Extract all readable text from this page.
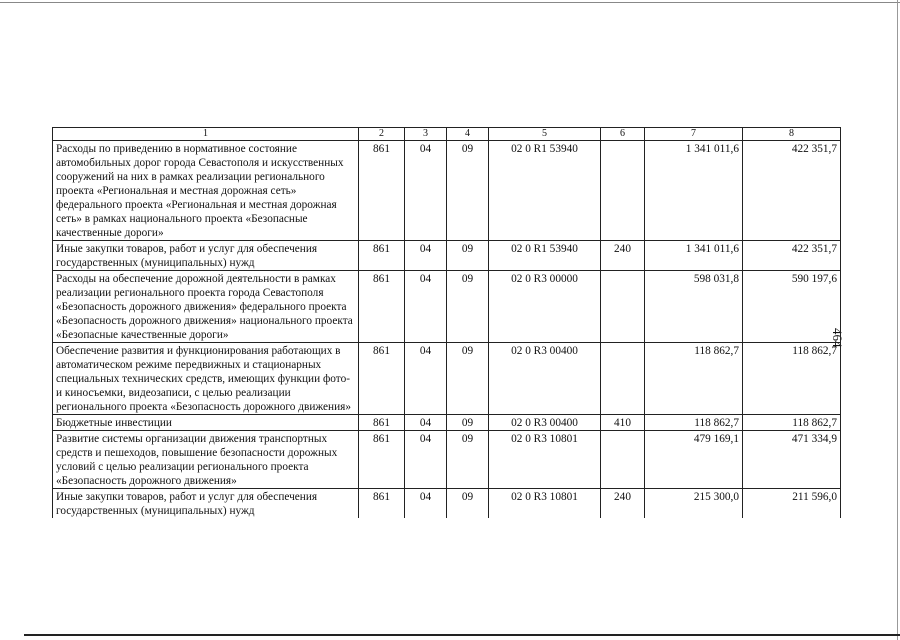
464
1	2	3	4	5	6	7	8
Расходы по приведению в нормативное состояние автомобильных дорог города Севастополя и искусственных сооружений на них в рамках реализации регионального проекта «Региональная и местная дорожная сеть» федерального проекта «Региональная и местная дорожная сеть» в рамках национального проекта «Безопасные качественные дороги»	861	04	09	02 0 R1 53940		1 341 011,6	422 351,7
Иные закупки товаров, работ и услуг для обеспечения государственных (муниципальных) нужд	861	04	09	02 0 R1 53940	240	1 341 011,6	422 351,7
Расходы на обеспечение дорожной деятельности в рамках реализации регионального проекта города Севастополя «Безопасность дорожного движения» федерального проекта «Безопасность дорожного движения» национального проекта «Безопасные качественные дороги»	861	04	09	02 0 R3 00000		598 031,8	590 197,6
Обеспечение развития и функционирования работающих в автоматическом режиме передвижных и стационарных специальных технических средств, имеющих функции фото- и киносъемки, видеозаписи, с целью реализации регионального проекта «Безопасность дорожного движения»	861	04	09	02 0 R3 00400		118 862,7	118 862,7
Бюджетные инвестиции	861	04	09	02 0 R3 00400	410	118 862,7	118 862,7
Развитие системы организации движения транспортных средств и пешеходов, повышение безопасности дорожных условий с целью реализации регионального проекта «Безопасность дорожного движения»	861	04	09	02 0 R3 10801		479 169,1	471 334,9
Иные закупки товаров, работ и услуг для обеспечения государственных (муниципальных) нужд	861	04	09	02 0 R3 10801	240	215 300,0	211 596,0
